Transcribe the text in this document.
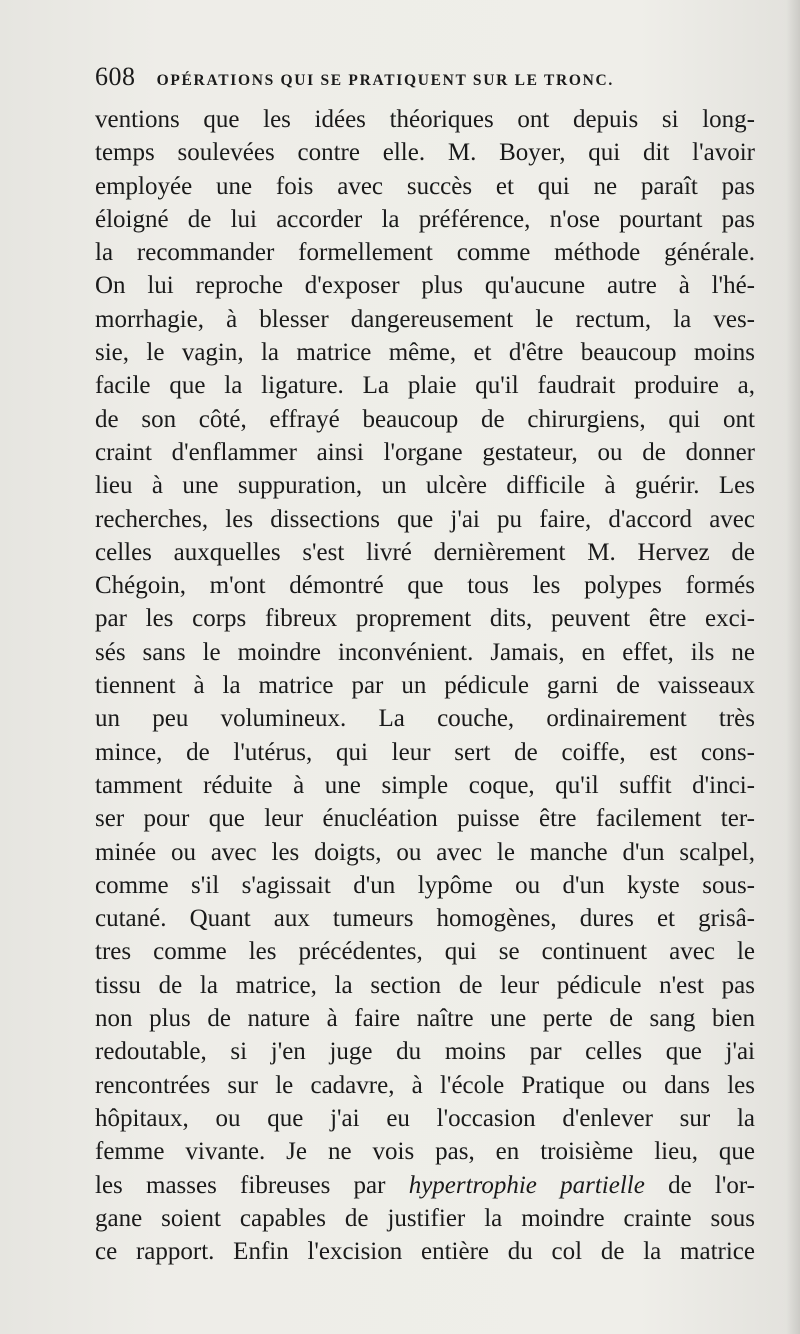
608 OPÉRATIONS QUI SE PRATIQUENT SUR LE TRONC.
ventions que les idées théoriques ont depuis si long-
temps soulevées contre elle. M. Boyer, qui dit l'avoir
employée une fois avec succès et qui ne paraît pas
éloigné de lui accorder la préférence, n'ose pourtant pas
la recommander formellement comme méthode générale.
On lui reproche d'exposer plus qu'aucune autre à l'hé-
morrhagie, à blesser dangereusement le rectum, la ves-
sie, le vagin, la matrice même, et d'être beaucoup moins
facile que la ligature. La plaie qu'il faudrait produire a,
de son côté, effrayé beaucoup de chirurgiens, qui ont
craint d'enflammer ainsi l'organe gestateur, ou de donner
lieu à une suppuration, un ulcère difficile à guérir. Les
recherches, les dissections que j'ai pu faire, d'accord avec
celles auxquelles s'est livré dernièrement M. Hervez de
Chégoin, m'ont démontré que tous les polypes formés
par les corps fibreux proprement dits, peuvent être exci-
sés sans le moindre inconvénient. Jamais, en effet, ils ne
tiennent à la matrice par un pédicule garni de vaisseaux
un peu volumineux. La couche, ordinairement très
mince, de l'utérus, qui leur sert de coiffe, est cons-
tamment réduite à une simple coque, qu'il suffit d'inci-
ser pour que leur énucléation puisse être facilement ter-
minée ou avec les doigts, ou avec le manche d'un scalpel,
comme s'il s'agissait d'un lypôme ou d'un kyste sous-
cutané. Quant aux tumeurs homogènes, dures et grisâ-
tres comme les précédentes, qui se continuent avec le
tissu de la matrice, la section de leur pédicule n'est pas
non plus de nature à faire naître une perte de sang bien
redoutable, si j'en juge du moins par celles que j'ai
rencontrées sur le cadavre, à l'école Pratique ou dans les
hôpitaux, ou que j'ai eu l'occasion d'enlever sur la
femme vivante. Je ne vois pas, en troisième lieu, que
les masses fibreuses par hypertrophie partielle de l'or-
gane soient capables de justifier la moindre crainte sous
ce rapport. Enfin l'excision entière du col de la matrice
